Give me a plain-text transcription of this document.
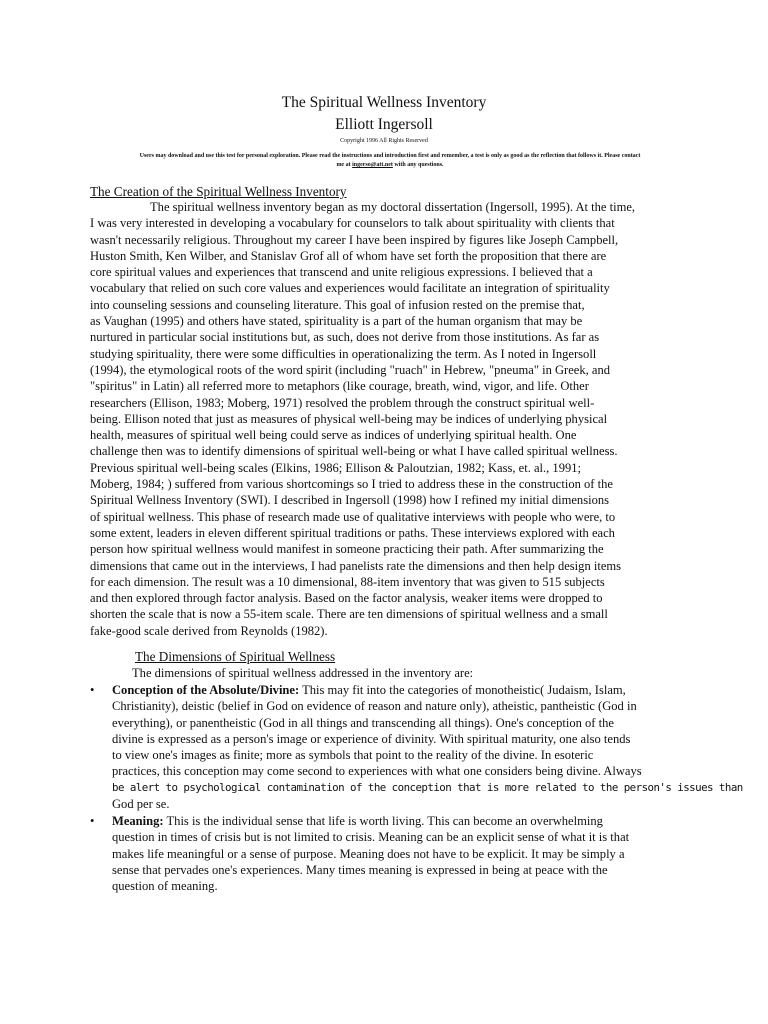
The Spiritual Wellness Inventory
Elliott Ingersoll
Copyright 1996 All Rights Reserved
Users may download and use this test for personal exploration. Please read the instructions and introduction first and remember, a test is only as good as the reflection that follows it. Please contact
me at ingerso@att.net with any questions.
The Creation of the Spiritual Wellness Inventory
The spiritual wellness inventory began as my doctoral dissertation (Ingersoll, 1995). At the time,
I was very interested in developing a vocabulary for counselors to talk about spirituality with clients that
wasn't necessarily religious. Throughout my career I have been inspired by figures like Joseph Campbell,
Huston Smith, Ken Wilber, and Stanislav Grof all of whom have set forth the proposition that there are
core spiritual values and experiences that transcend and unite religious expressions. I believed that a
vocabulary that relied on such core values and experiences would facilitate an integration of spirituality
into counseling sessions and counseling literature. This goal of infusion rested on the premise that,
as Vaughan (1995) and others have stated, spirituality is a part of the human organism that may be
nurtured in particular social institutions but, as such, does not derive from those institutions. As far as
studying spirituality, there were some difficulties in operationalizing the term. As I noted in Ingersoll
(1994), the etymological roots of the word spirit (including "ruach" in Hebrew, "pneuma" in Greek, and
"spiritus" in Latin) all referred more to metaphors (like courage, breath, wind, vigor, and life. Other
researchers (Ellison, 1983; Moberg, 1971) resolved the problem through the construct spiritual well-
being. Ellison noted that just as measures of physical well-being may be indices of underlying physical
health, measures of spiritual well being could serve as indices of underlying spiritual health. One
challenge then was to identify dimensions of spiritual well-being or what I have called spiritual wellness.
Previous spiritual well-being scales (Elkins, 1986; Ellison & Paloutzian, 1982; Kass, et. al., 1991;
Moberg, 1984; ) suffered from various shortcomings so I tried to address these in the construction of the
Spiritual Wellness Inventory (SWI). I described in Ingersoll (1998) how I refined my initial dimensions
of spiritual wellness. This phase of research made use of qualitative interviews with people who were, to
some extent, leaders in eleven different spiritual traditions or paths. These interviews explored with each
person how spiritual wellness would manifest in someone practicing their path. After summarizing the
dimensions that came out in the interviews, I had panelists rate the dimensions and then help design items
for each dimension. The result was a 10 dimensional, 88-item inventory that was given to 515 subjects
and then explored through factor analysis. Based on the factor analysis, weaker items were dropped to
shorten the scale that is now a 55-item scale. There are ten dimensions of spiritual wellness and a small
fake-good scale derived from Reynolds (1982).
The Dimensions of Spiritual Wellness
The dimensions of spiritual wellness addressed in the inventory are:
• Conception of the Absolute/Divine: This may fit into the categories of monotheistic( Judaism, Islam,
Christianity), deistic (belief in God on evidence of reason and nature only), atheistic, pantheistic (God in
everything), or panentheistic (God in all things and transcending all things). One's conception of the
divine is expressed as a person's image or experience of divinity. With spiritual maturity, one also tends
to view one's images as finite; more as symbols that point to the reality of the divine. In esoteric
practices, this conception may come second to experiences with what one considers being divine. Always
be alert to psychological contamination of the conception that is more related to the person's issues than
God per se.
• Meaning: This is the individual sense that life is worth living. This can become an overwhelming
question in times of crisis but is not limited to crisis. Meaning can be an explicit sense of what it is that
makes life meaningful or a sense of purpose. Meaning does not have to be explicit. It may be simply a
sense that pervades one's experiences. Many times meaning is expressed in being at peace with the
question of meaning.
